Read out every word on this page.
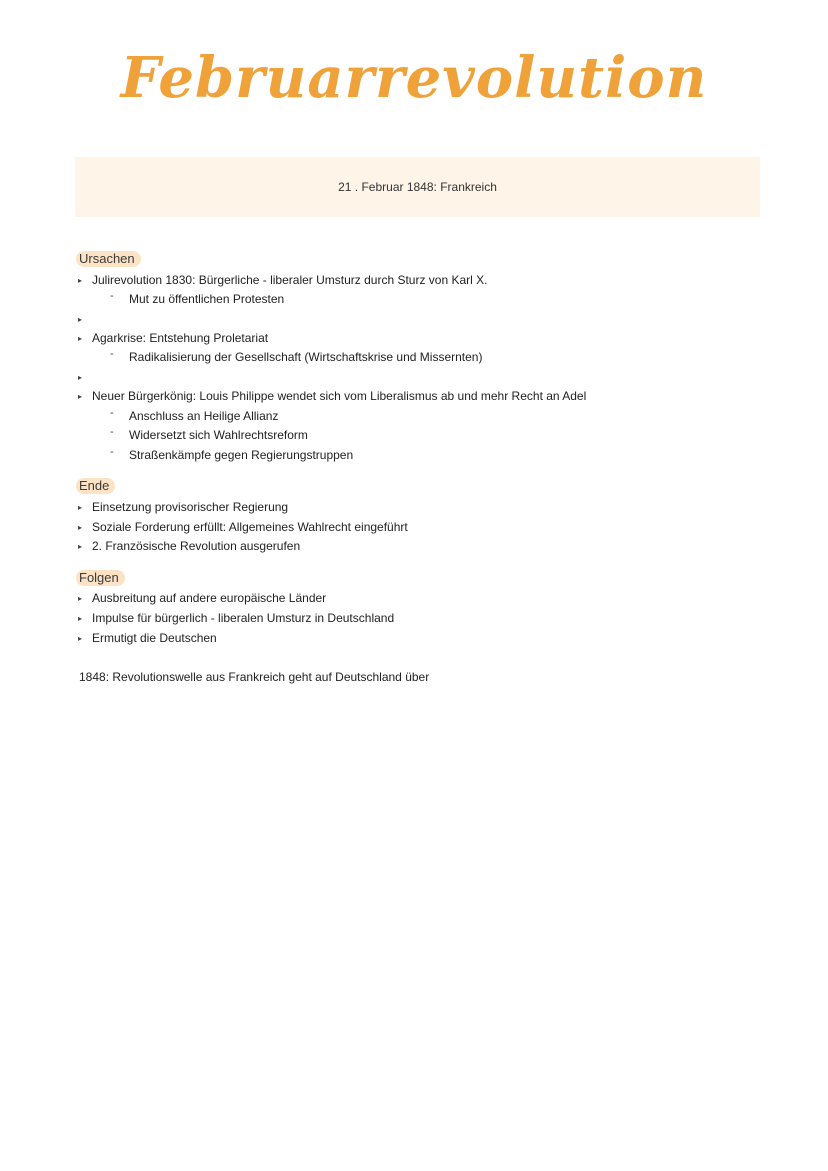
Februarrevolution
21 . Februar 1848: Frankreich
Ursachen
▸ Julirevolution 1830: Bürgerliche - liberaler Umsturz durch Sturz von Karl X.
- Mut zu öffentlichen Protesten
▸
▸ Agarkrise: Entstehung Proletariat
- Radikalisierung der Gesellschaft (Wirtschaftskrise und Missernten)
▸
▸ Neuer Bürgerkönig: Louis Philippe wendet sich vom Liberalismus ab und mehr Recht an Adel
- Anschluss an Heilige Allianz
- Widersetzt sich Wahlrechtsreform
- Straßenkämpfe gegen Regierungstruppen
Ende
▸ Einsetzung provisorischer Regierung
▸ Soziale Forderung erfüllt: Allgemeines Wahlrecht eingeführt
▸ 2. Französische Revolution ausgerufen
Folgen
▸ Ausbreitung auf andere europäische Länder
▸ Impulse für bürgerlich - liberalen Umsturz in Deutschland
▸ Ermutigt die Deutschen
1848: Revolutionswelle aus Frankreich geht auf Deutschland über
